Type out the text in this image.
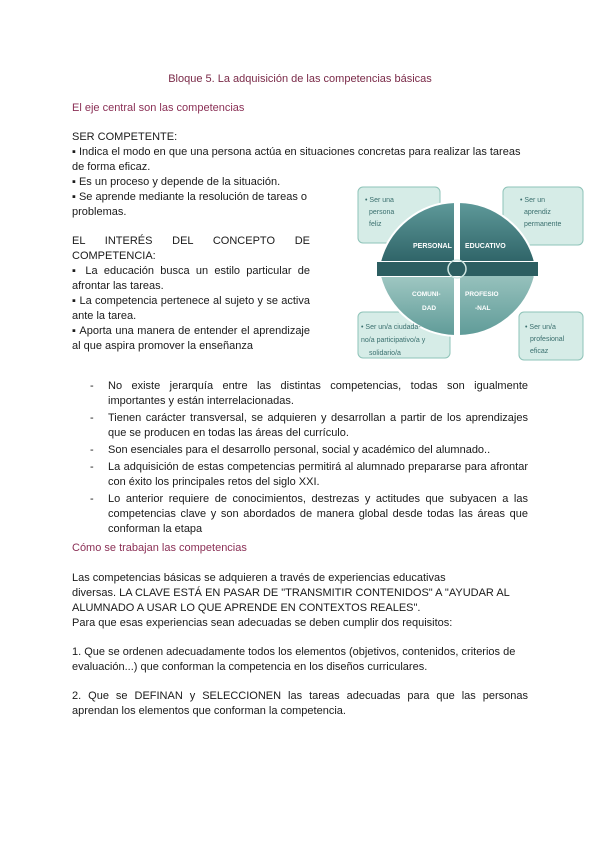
Bloque 5. La adquisición de las competencias básicas
El eje central son las competencias
SER COMPETENTE:
▪ Indica el modo en que una persona actúa en situaciones concretas para realizar las tareas
de forma eficaz.
▪ Es un proceso y depende de la situación.
▪ Se aprende mediante la resolución de tareas o
problemas.
EL INTERÉS DEL CONCEPTO DE
COMPETENCIA:
▪ La educación busca un estilo particular de
afrontar las tareas.
▪ La competencia pertenece al sujeto y se activa
ante la tarea.
▪ Aporta una manera de entender el aprendizaje
al que aspira promover la enseñanza
PERSONAL EDUCATIVO
COMUNI-
DAD
PROFESIO
-NAL
• Ser una
persona
feliz
• Ser un
aprendiz
permanente
• Ser un/a ciudada-
no/a participativo/a y
solidario/a
• Ser un/a
profesional
eficaz
- No existe jerarquía entre las distintas competencias, todas son igualmente importantes y están interrelacionadas.
- Tienen carácter transversal, se adquieren y desarrollan a partir de los aprendizajes que se producen en todas las áreas del currículo.
- Son esenciales para el desarrollo personal, social y académico del alumnado..
- La adquisición de estas competencias permitirá al alumnado prepararse para afrontar con éxito los principales retos del siglo XXI.
- Lo anterior requiere de conocimientos, destrezas y actitudes que subyacen a las competencias clave y son abordados de manera global desde todas las áreas que conforman la etapa
Cómo se trabajan las competencias
Las competencias básicas se adquieren a través de experiencias educativas
diversas. LA CLAVE ESTÁ EN PASAR DE "TRANSMITIR CONTENIDOS" A "AYUDAR AL
ALUMNADO A USAR LO QUE APRENDE EN CONTEXTOS REALES".
Para que esas experiencias sean adecuadas se deben cumplir dos requisitos:
1. Que se ordenen adecuadamente todos los elementos (objetivos, contenidos, criterios de
evaluación...) que conforman la competencia en los diseños curriculares.
2. Que se DEFINAN y SELECCIONEN las tareas adecuadas para que las personas
aprendan los elementos que conforman la competencia.
